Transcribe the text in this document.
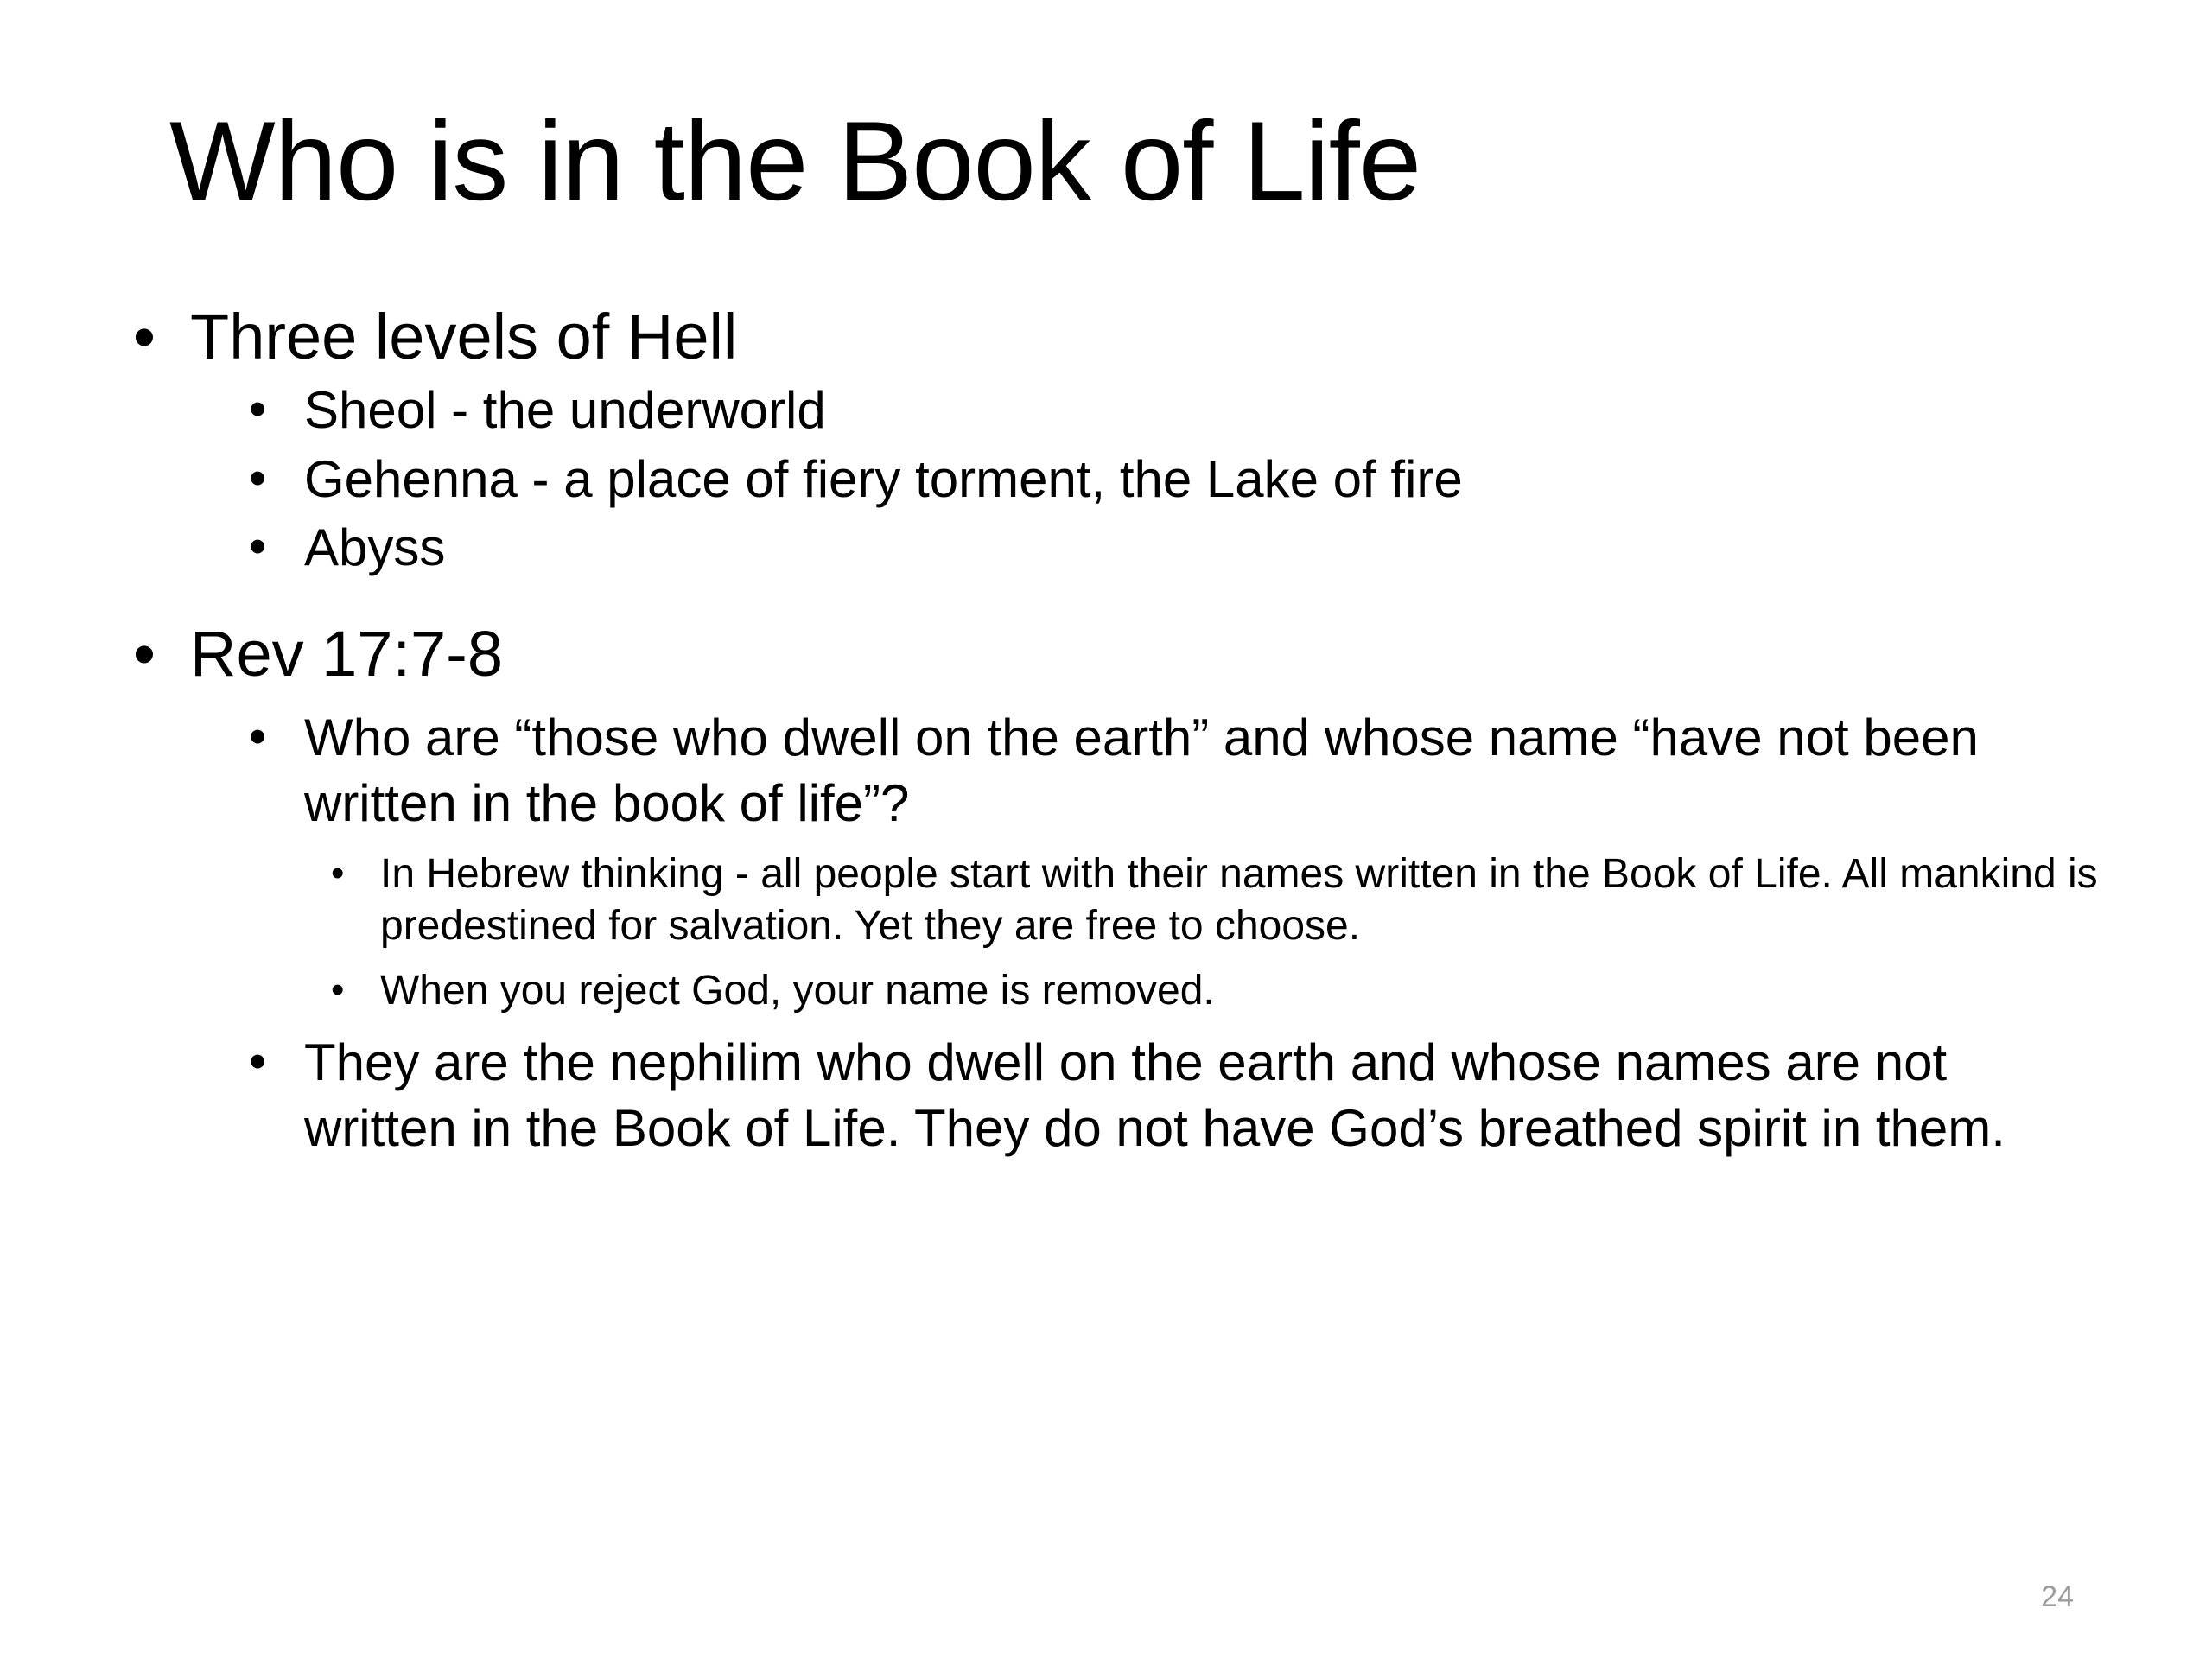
Who is in the Book of Life
• Three levels of Hell
• Sheol - the underworld
• Gehenna - a place of fiery torment, the Lake of fire
• Abyss
• Rev 17:7-8
• Who are “those who dwell on the earth” and whose name “have not been written in the book of life”?
• In Hebrew thinking - all people start with their names written in the Book of Life. All mankind is predestined for salvation. Yet they are free to choose.
• When you reject God, your name is removed.
• They are the nephilim who dwell on the earth and whose names are not written in the Book of Life. They do not have God’s breathed spirit in them.
24
